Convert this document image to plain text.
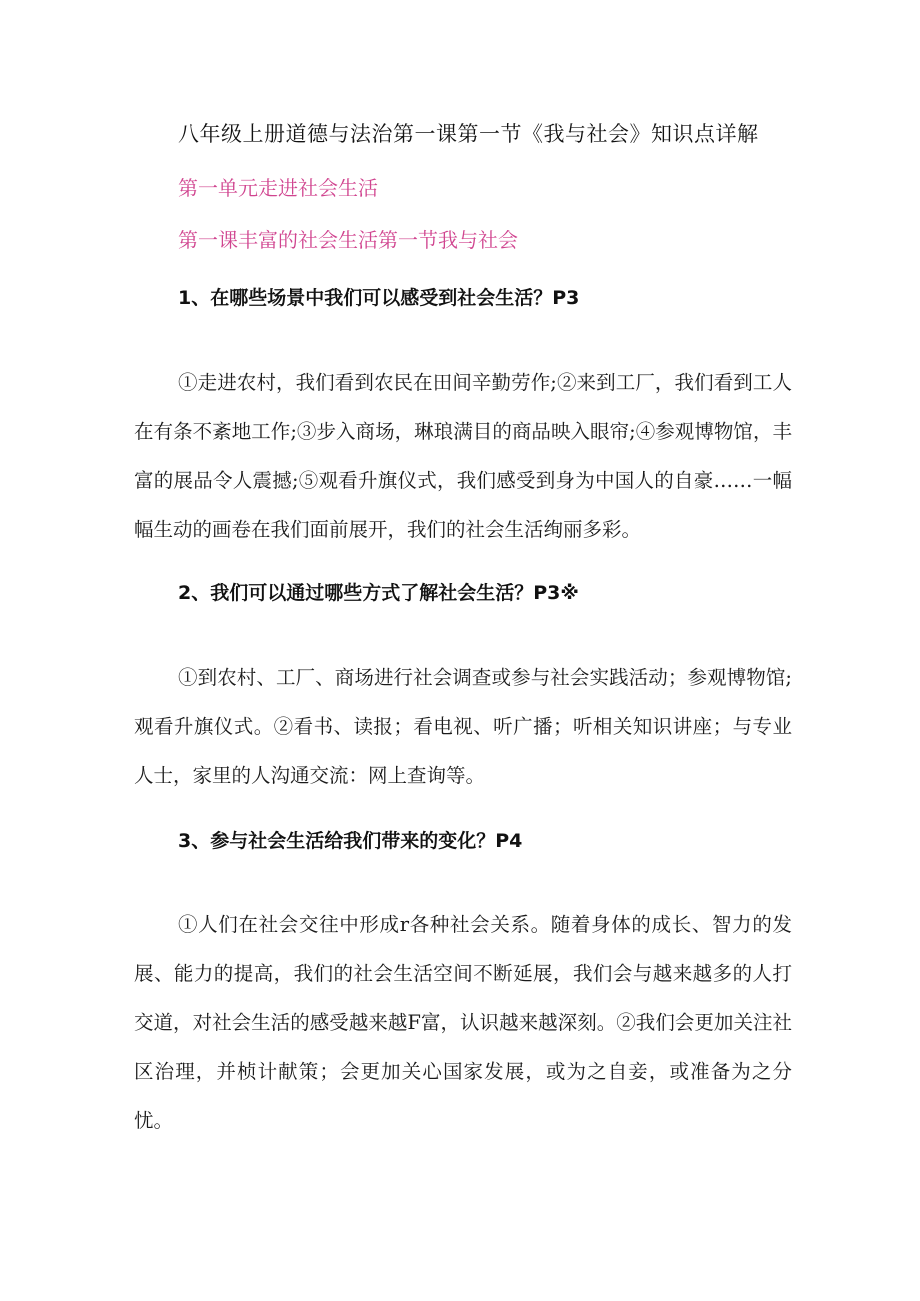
八年级上册道德与法治第一课第一节《我与社会》知识点详解
第一单元走进社会生活
第一课丰富的社会生活第一节我与社会
1、在哪些场景中我们可以感受到社会生活？P3

①走进农村，我们看到农民在田间辛勤劳作;②来到工厂，我们看到工人在有条不紊地工作;③步入商场，琳琅满目的商品映入眼帘;④参观博物馆，丰富的展品令人震撼;⑤观看升旗仪式，我们感受到身为中国人的自豪……一幅幅生动的画卷在我们面前展开，我们的社会生活绚丽多彩。

2、我们可以通过哪些方式了解社会生活？P3※

①到农村、工厂、商场进行社会调查或参与社会实践活动；参观博物馆;观看升旗仪式。②看书、读报；看电视、听广播；听相关知识讲座；与专业人士，家里的人沟通交流：网上查询等。

3、参与社会生活给我们带来的变化？P4

①人们在社会交往中形成r各种社会关系。随着身体的成长、智力的发展、能力的提高，我们的社会生活空间不断延展，我们会与越来越多的人打交道，对社会生活的感受越来越F富，认识越来越深刻。②我们会更加关注社区治理，并桢计献策；会更加关心国家发展，或为之自妾，或准备为之分忧。
